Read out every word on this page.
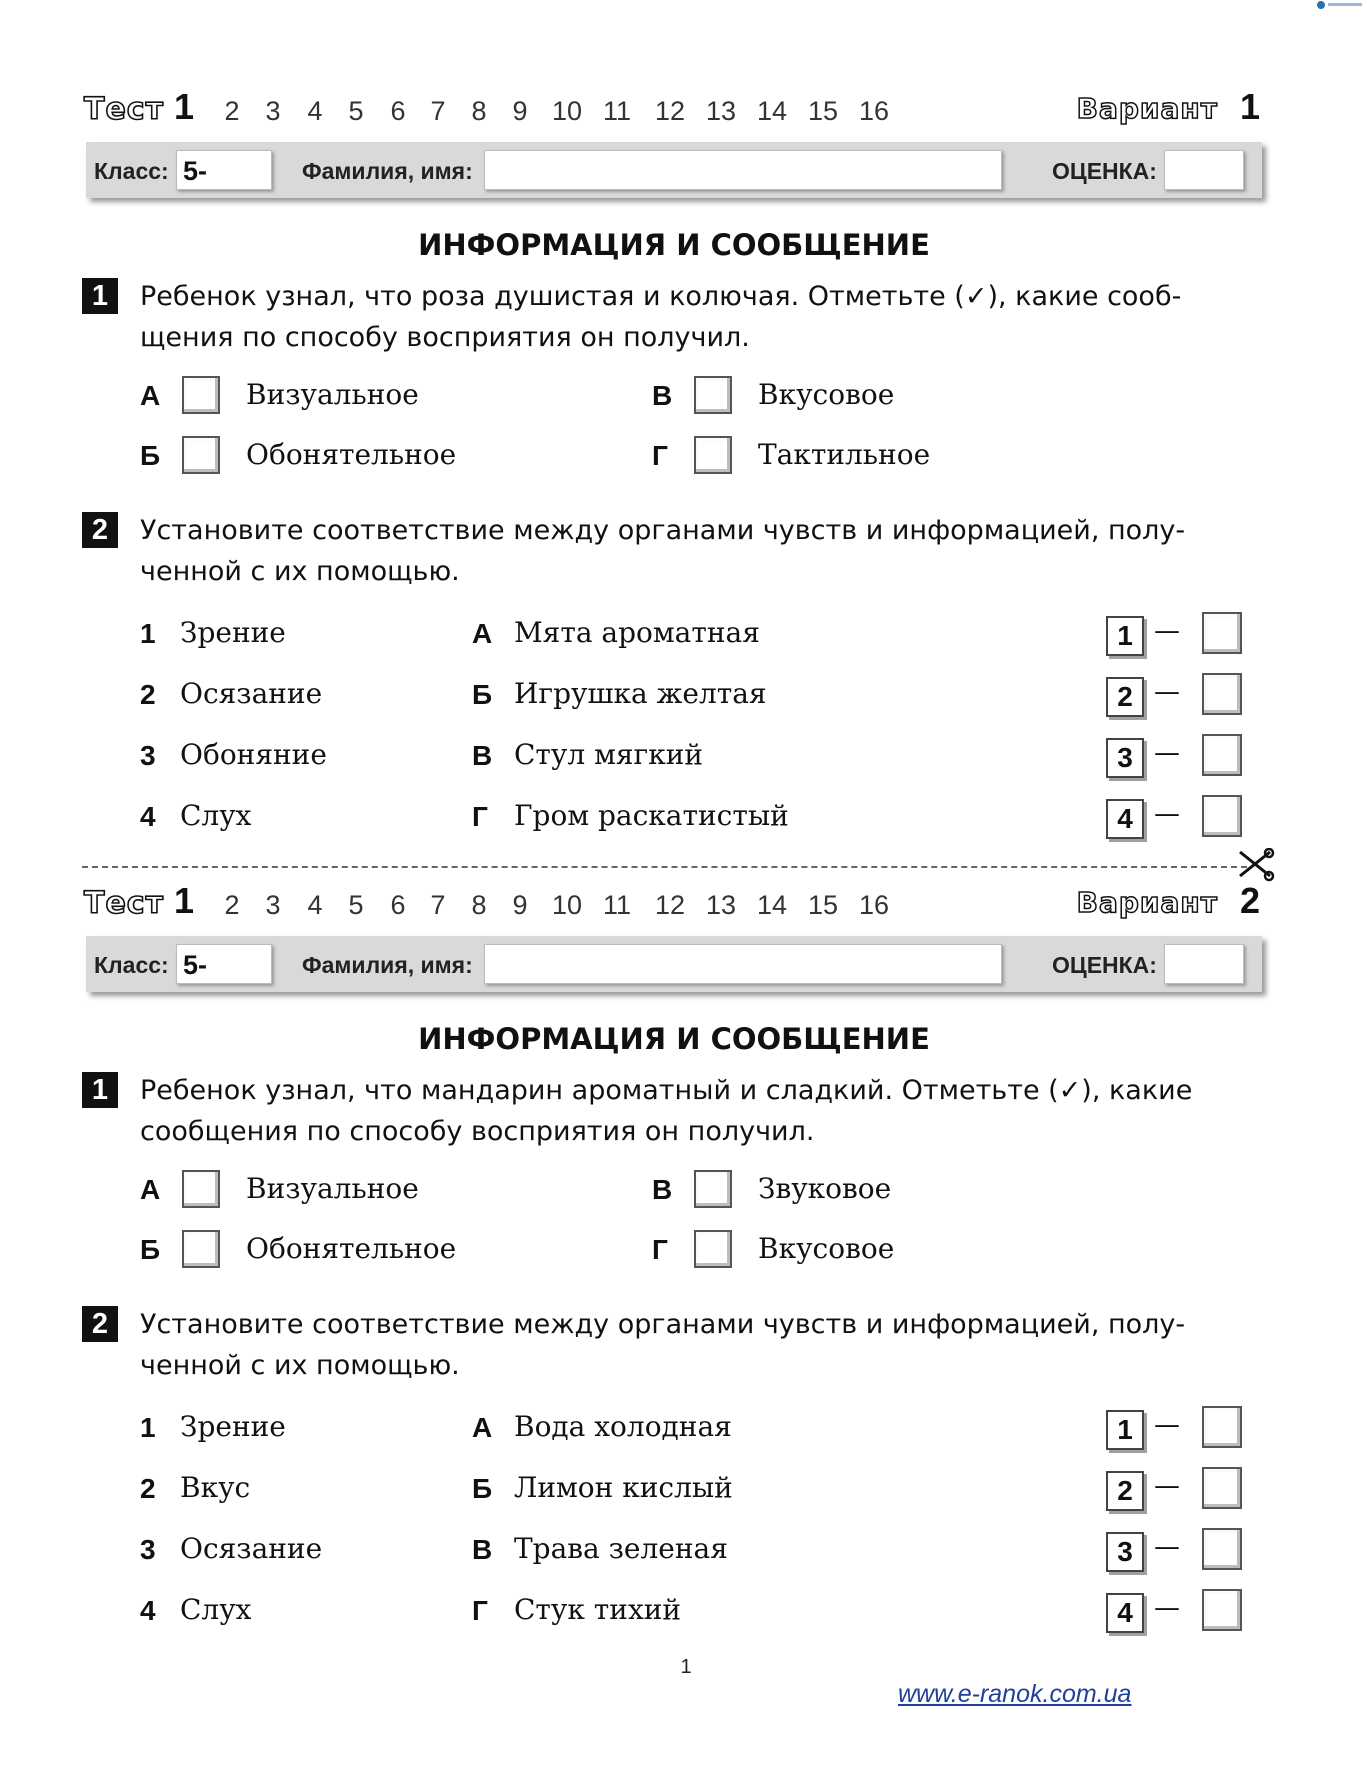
Тест 1 2 3 4 5 6 7 8 9 10 11 12 13 14 15 16	Вариант 1
Класс: 5-	Фамилия, имя:	ОЦЕНКА:
ИНФОРМАЦИЯ И СООБЩЕНИЕ
1	Ребенок узнал, что роза душистая и колючая. Отметьте (✓), какие сооб-
щения по способу восприятия он получил.
А	Визуальное
Б	Обонятельное
В	Вкусовое
Г	Тактильное
2	Установите соответствие между органами чувств и информацией, полу-
ченной с их помощью.
1 Зрение	А Мята ароматная	1 —
2 Осязание	Б Игрушка желтая	2 —
3 Обоняние	В Стул мягкий	3 —
4 Слух	Г Гром раскатистый	4 —
Тест 1 2 3 4 5 6 7 8 9 10 11 12 13 14 15 16	Вариант 2
Класс: 5-	Фамилия, имя:	ОЦЕНКА:
ИНФОРМАЦИЯ И СООБЩЕНИЕ
1	Ребенок узнал, что мандарин ароматный и сладкий. Отметьте (✓), какие
сообщения по способу восприятия он получил.
А	Визуальное
Б	Обонятельное
В	Звуковое
Г	Вкусовое
2	Установите соответствие между органами чувств и информацией, полу-
ченной с их помощью.
1 Зрение	А Вода холодная	1 —
2 Вкус	Б Лимон кислый	2 —
3 Осязание	В Трава зеленая	3 —
4 Слух	Г Стук тихий	4 —
1
www.e-ranok.com.ua
